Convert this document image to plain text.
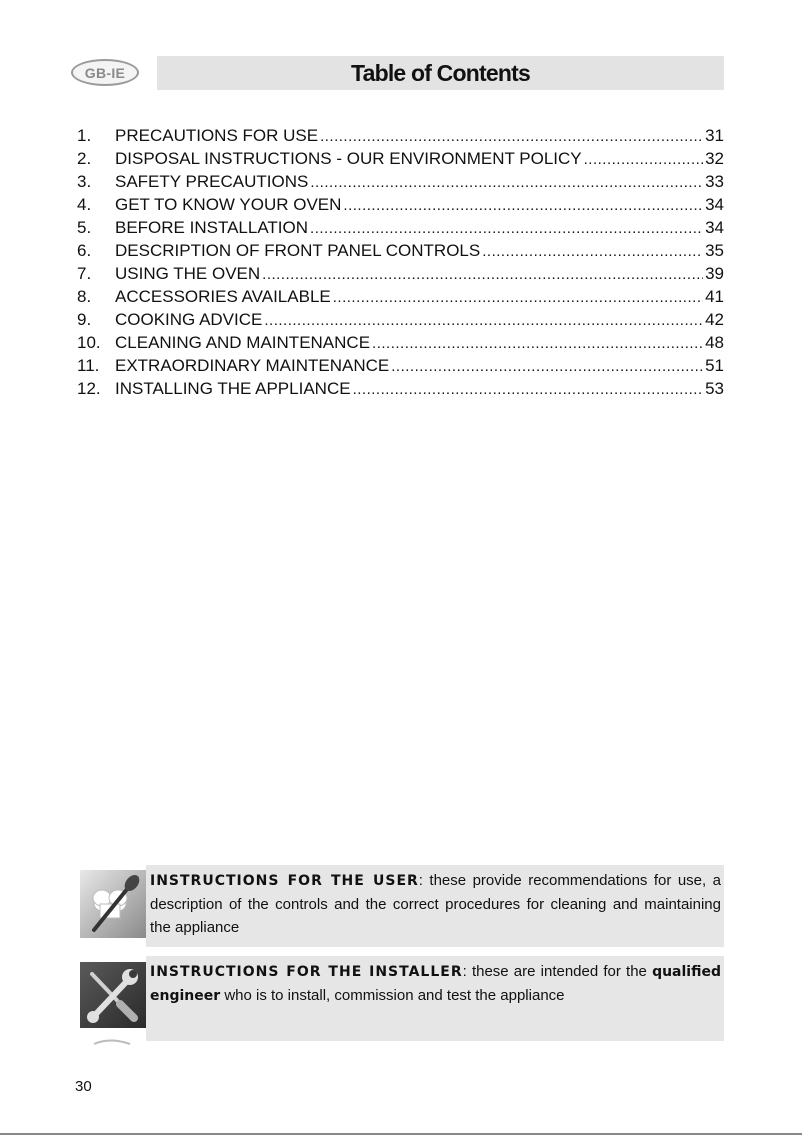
GB-IE	Table of Contents
1.	PRECAUTIONS FOR USE .....	31
2.	DISPOSAL INSTRUCTIONS - OUR ENVIRONMENT POLICY .....	32
3.	SAFETY PRECAUTIONS .....	33
4.	GET TO KNOW YOUR OVEN .....	34
5.	BEFORE INSTALLATION .....	34
6.	DESCRIPTION OF FRONT PANEL CONTROLS .....	35
7.	USING THE OVEN .....	39
8.	ACCESSORIES AVAILABLE .....	41
9.	COOKING ADVICE .....	42
10. CLEANING AND MAINTENANCE .....	48
11. EXTRAORDINARY MAINTENANCE .....	51
12. INSTALLING THE APPLIANCE .....	53
INSTRUCTIONS FOR THE USER: these provide recommendations for use, a description of the controls and the correct procedures for cleaning and maintaining the appliance
INSTRUCTIONS FOR THE INSTALLER: these are intended for the qualified engineer who is to install, commission and test the appliance
30
